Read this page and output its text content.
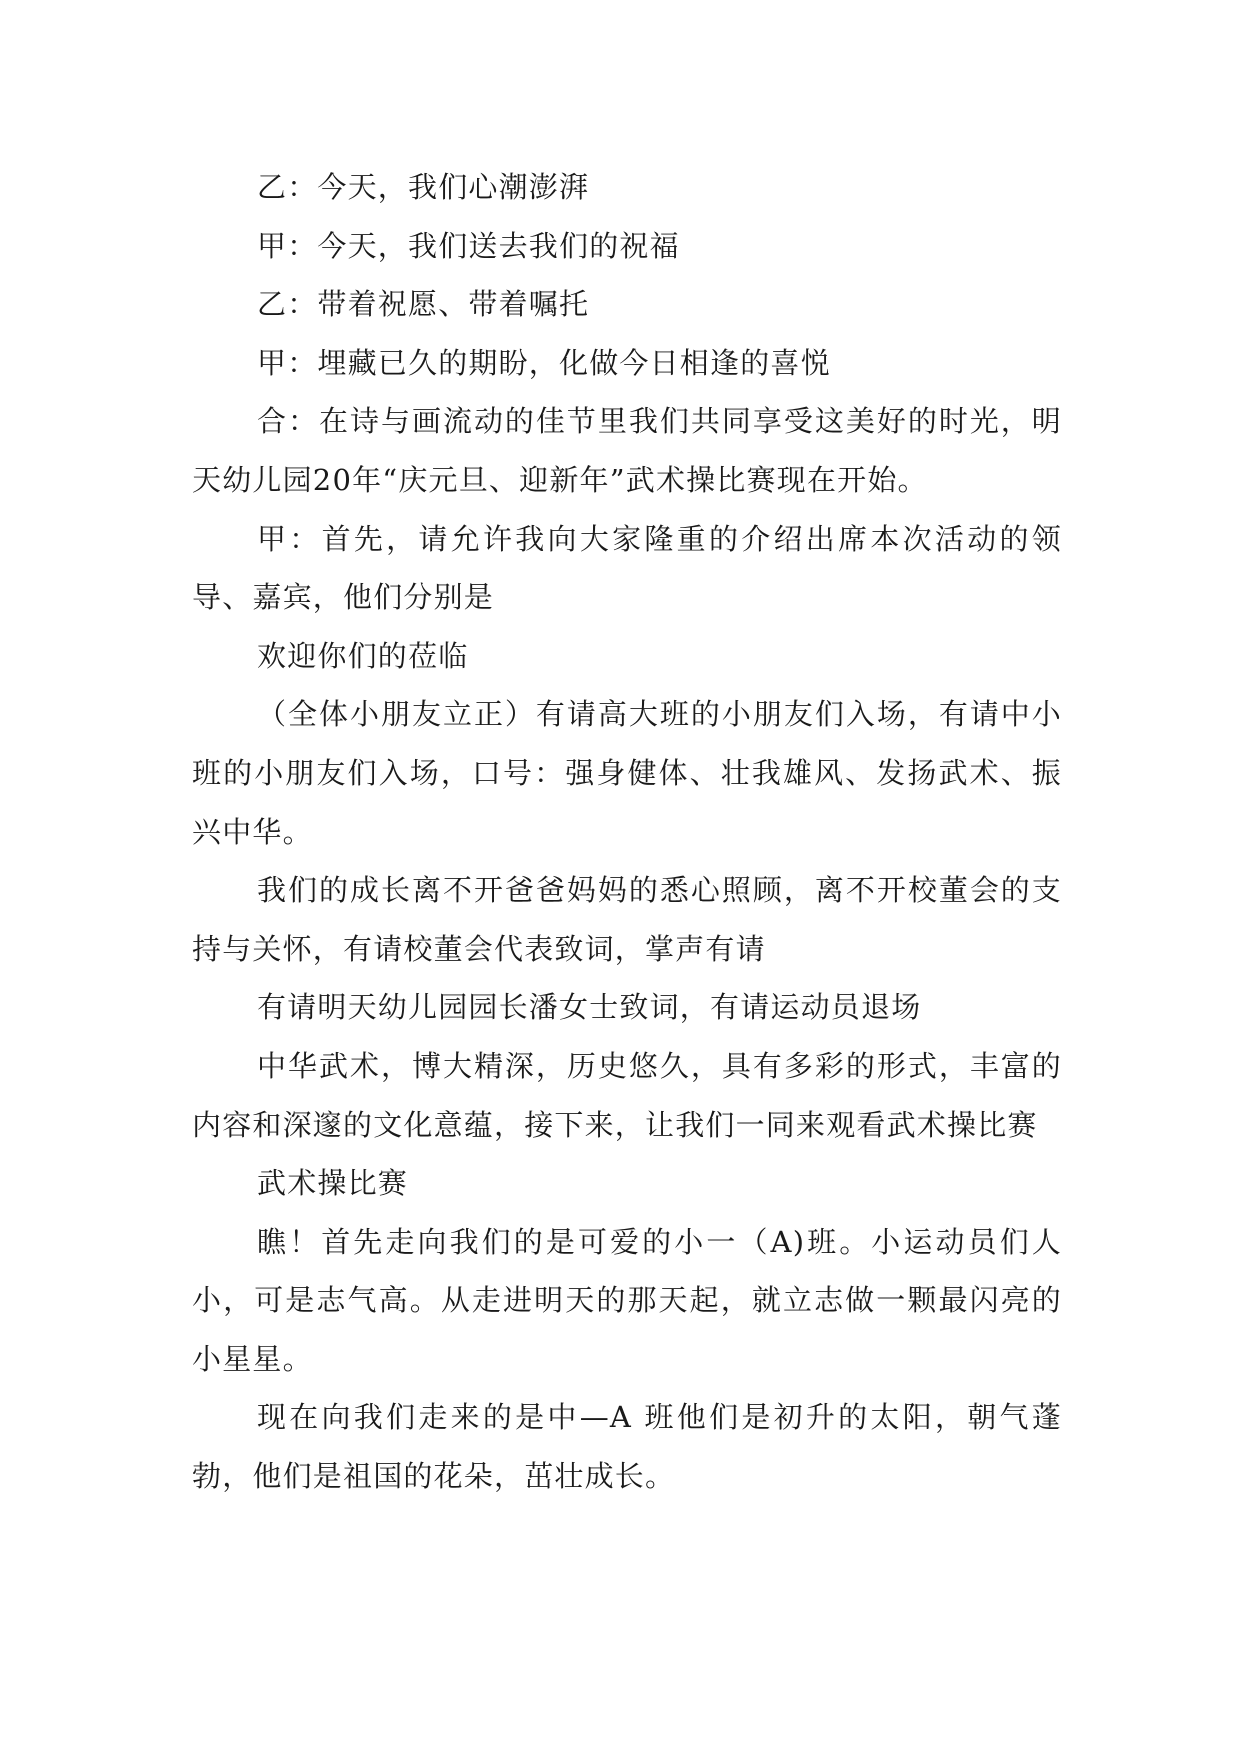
乙：今天，我们心潮澎湃

甲：今天，我们送去我们的祝福

乙：带着祝愿、带着嘱托

甲：埋藏已久的期盼，化做今日相逢的喜悦

合：在诗与画流动的佳节里我们共同享受这美好的时光，明天幼儿园20年“庆元旦、迎新年”武术操比赛现在开始。

甲：首先，请允许我向大家隆重的介绍出席本次活动的领导、嘉宾，他们分别是

欢迎你们的莅临

（全体小朋友立正）有请高大班的小朋友们入场，有请中小班的小朋友们入场，口号：强身健体、壮我雄风、发扬武术、振兴中华。

我们的成长离不开爸爸妈妈的悉心照顾，离不开校董会的支持与关怀，有请校董会代表致词，掌声有请

有请明天幼儿园园长潘女士致词，有请运动员退场

中华武术，博大精深，历史悠久，具有多彩的形式，丰富的内容和深邃的文化意蕴，接下来，让我们一同来观看武术操比赛

武术操比赛

瞧！首先走向我们的是可爱的小一（A)班。小运动员们人小，可是志气高。从走进明天的那天起，就立志做一颗最闪亮的小星星。

现在向我们走来的是中—A 班他们是初升的太阳，朝气蓬勃，他们是祖国的花朵，茁壮成长。
